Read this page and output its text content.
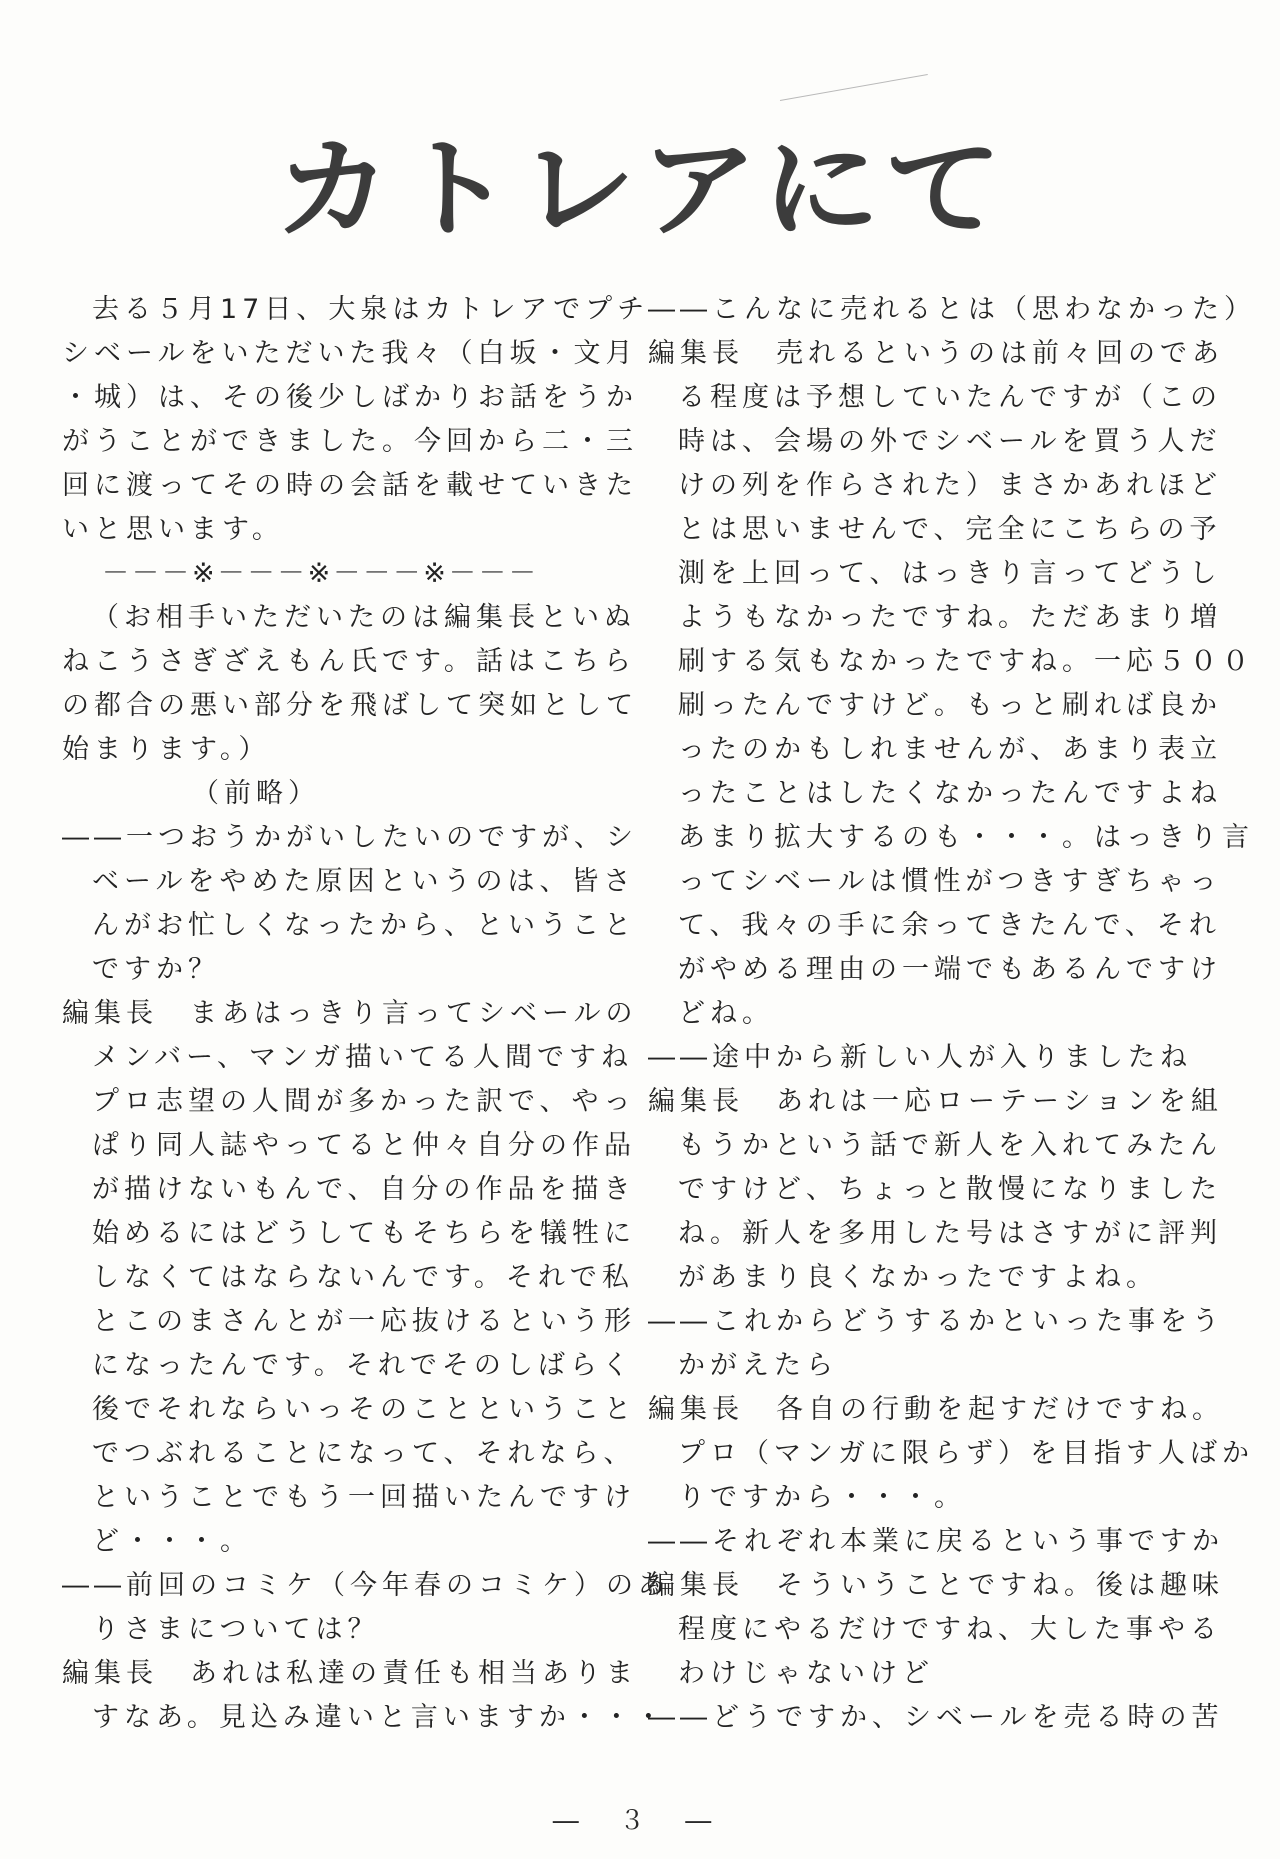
カトレアにて
去る５月17日、大泉はカトレアでプチ
シベールをいただいた我々（白坂・文月
・城）は、その後少しばかりお話をうか
がうことができました。今回から二・三
回に渡ってその時の会話を載せていきた
いと思います。
－－－※－－－※－－－※－－－
（お相手いただいたのは編集長といぬ
ねこうさぎざえもん氏です。話はこちら
の都合の悪い部分を飛ばして突如として
始まります。）
（前略）
――一つおうかがいしたいのですが、シ
ベールをやめた原因というのは、皆さ
んがお忙しくなったから、ということ
ですか？
編集長　まあはっきり言ってシベールの
メンバー、マンガ描いてる人間ですね
プロ志望の人間が多かった訳で、やっ
ぱり同人誌やってると仲々自分の作品
が描けないもんで、自分の作品を描き
始めるにはどうしてもそちらを犠牲に
しなくてはならないんです。それで私
とこのまさんとが一応抜けるという形
になったんです。それでそのしばらく
後でそれならいっそのことということ
でつぶれることになって、それなら、
ということでもう一回描いたんですけ
ど・・・。
――前回のコミケ（今年春のコミケ）のあ
りさまについては？
編集長　あれは私達の責任も相当ありま
すなあ。見込み違いと言いますか・・・
――こんなに売れるとは（思わなかった）
編集長　売れるというのは前々回のであ
る程度は予想していたんですが（この
時は、会場の外でシベールを買う人だ
けの列を作らされた）まさかあれほど
とは思いませんで、完全にこちらの予
測を上回って、はっきり言ってどうし
ようもなかったですね。ただあまり増
刷する気もなかったですね。一応５００
刷ったんですけど。もっと刷れば良か
ったのかもしれませんが、あまり表立
ったことはしたくなかったんですよね
あまり拡大するのも・・・。はっきり言
ってシベールは慣性がつきすぎちゃっ
て、我々の手に余ってきたんで、それ
がやめる理由の一端でもあるんですけ
どね。
――途中から新しい人が入りましたね
編集長　あれは一応ローテーションを組
もうかという話で新人を入れてみたん
ですけど、ちょっと散慢になりました
ね。新人を多用した号はさすがに評判
があまり良くなかったですよね。
――これからどうするかといった事をう
かがえたら
編集長　各自の行動を起すだけですね。
プロ（マンガに限らず）を目指す人ばか
りですから・・・。
――それぞれ本業に戻るという事ですか
編集長　そういうことですね。後は趣味
程度にやるだけですね、大した事やる
わけじゃないけど
――どうですか、シベールを売る時の苦
― ３ ―
